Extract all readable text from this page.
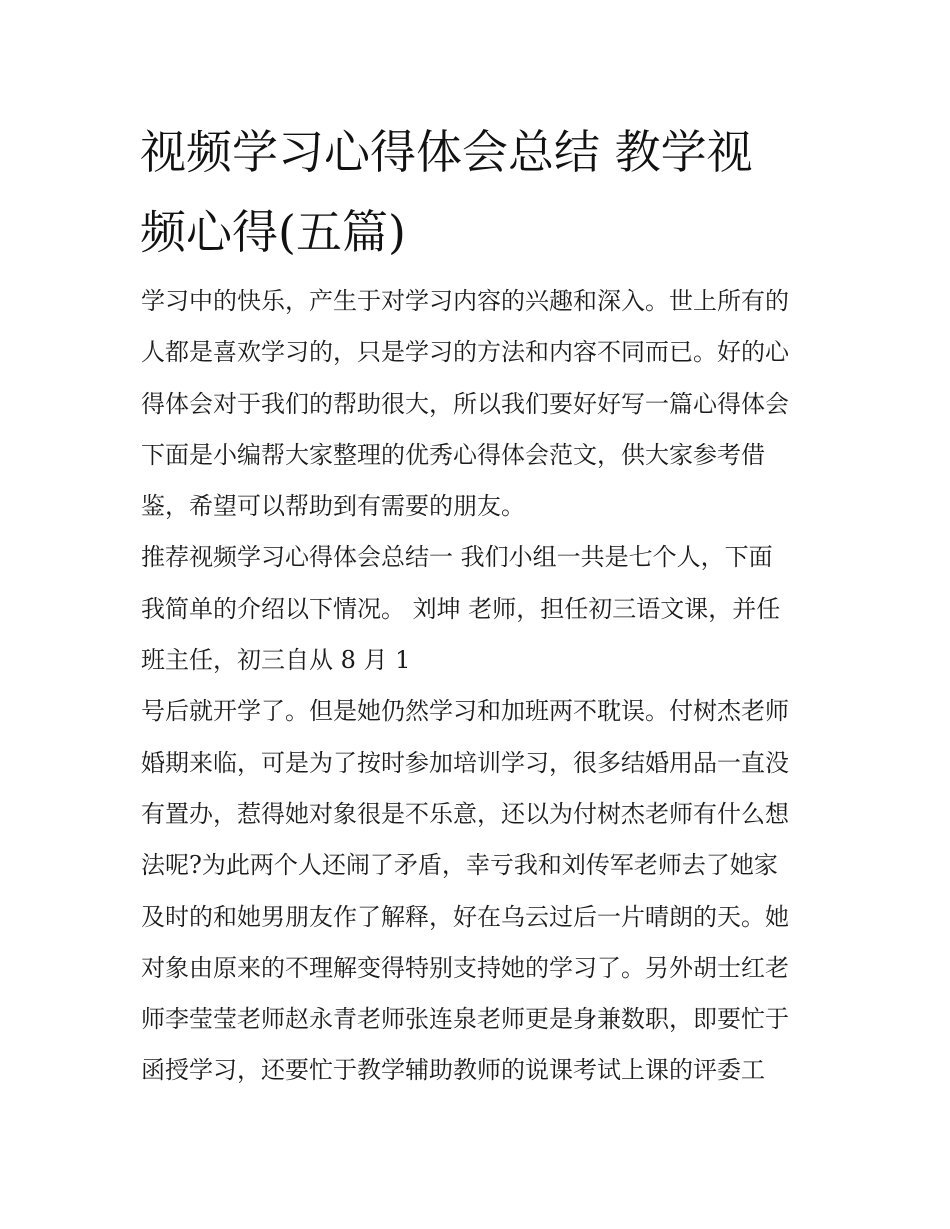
视频学习心得体会总结 教学视
频心得(五篇)
学习中的快乐，产生于对学习内容的兴趣和深入。世上所有的
人都是喜欢学习的，只是学习的方法和内容不同而已。好的心
得体会对于我们的帮助很大，所以我们要好好写一篇心得体会
下面是小编帮大家整理的优秀心得体会范文，供大家参考借
鉴，希望可以帮助到有需要的朋友。
推荐视频学习心得体会总结一 我们小组一共是七个人，下面
我简单的介绍以下情况。 刘坤 老师，担任初三语文课，并任
班主任，初三自从 8 月 1
号后就开学了。但是她仍然学习和加班两不耽误。付树杰老师
婚期来临，可是为了按时参加培训学习，很多结婚用品一直没
有置办，惹得她对象很是不乐意，还以为付树杰老师有什么想
法呢?为此两个人还闹了矛盾，幸亏我和刘传军老师去了她家
及时的和她男朋友作了解释，好在乌云过后一片晴朗的天。她
对象由原来的不理解变得特别支持她的学习了。另外胡士红老
师李莹莹老师赵永青老师张连泉老师更是身兼数职，即要忙于
函授学习，还要忙于教学辅助教师的说课考试上课的评委工
